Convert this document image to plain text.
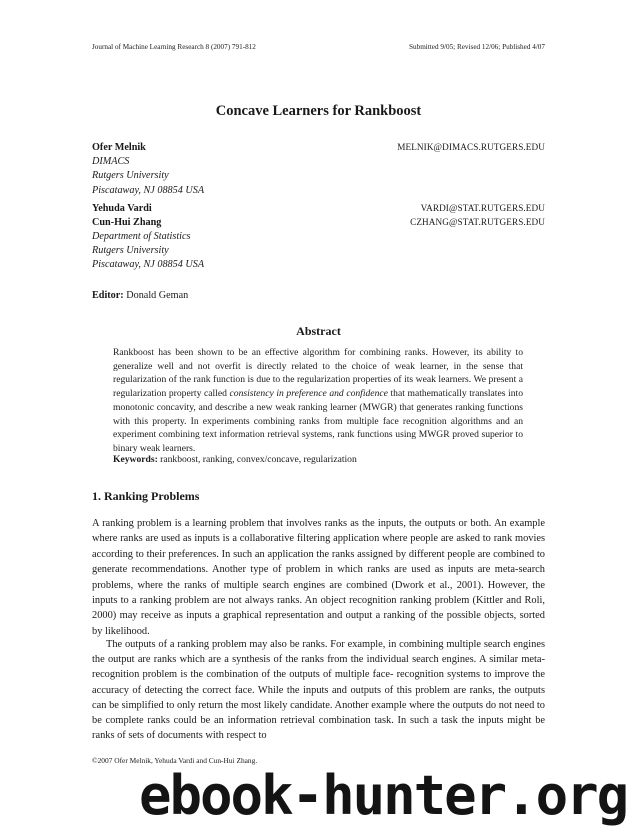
Journal of Machine Learning Research 8 (2007) 791-812	Submitted 9/05; Revised 12/06; Published 4/07
Concave Learners for Rankboost
Ofer Melnik	MELNIK@DIMACS.RUTGERS.EDU
DIMACS
Rutgers University
Piscataway, NJ 08854 USA
Yehuda Vardi	VARDI@STAT.RUTGERS.EDU
Cun-Hui Zhang	CZHANG@STAT.RUTGERS.EDU
Department of Statistics
Rutgers University
Piscataway, NJ 08854 USA
Editor: Donald Geman
Abstract
Rankboost has been shown to be an effective algorithm for combining ranks. However, its ability to generalize well and not overfit is directly related to the choice of weak learner, in the sense that regularization of the rank function is due to the regularization properties of its weak learners. We present a regularization property called consistency in preference and confidence that mathematically translates into monotonic concavity, and describe a new weak ranking learner (MWGR) that generates ranking functions with this property. In experiments combining ranks from multiple face recognition algorithms and an experiment combining text information retrieval systems, rank functions using MWGR proved superior to binary weak learners.
Keywords: rankboost, ranking, convex/concave, regularization
1. Ranking Problems
A ranking problem is a learning problem that involves ranks as the inputs, the outputs or both. An example where ranks are used as inputs is a collaborative filtering application where people are asked to rank movies according to their preferences. In such an application the ranks assigned by different people are combined to generate recommendations. Another type of problem in which ranks are used as inputs are meta-search problems, where the ranks of multiple search engines are combined (Dwork et al., 2001). However, the inputs to a ranking problem are not always ranks. An object recognition ranking problem (Kittler and Roli, 2000) may receive as inputs a graphical representation and output a ranking of the possible objects, sorted by likelihood.
The outputs of a ranking problem may also be ranks. For example, in combining multiple search engines the output are ranks which are a synthesis of the ranks from the individual search engines. A similar meta-recognition problem is the combination of the outputs of multiple face- recognition systems to improve the accuracy of detecting the correct face. While the inputs and outputs of this problem are ranks, the outputs can be simplified to only return the most likely candidate. Another example where the outputs do not need to be complete ranks could be an information retrieval combination task. In such a task the inputs might be ranks of sets of documents with respect to
©2007 Ofer Melnik, Yehuda Vardi and Cun-Hui Zhang.
ebook-hunter.org
